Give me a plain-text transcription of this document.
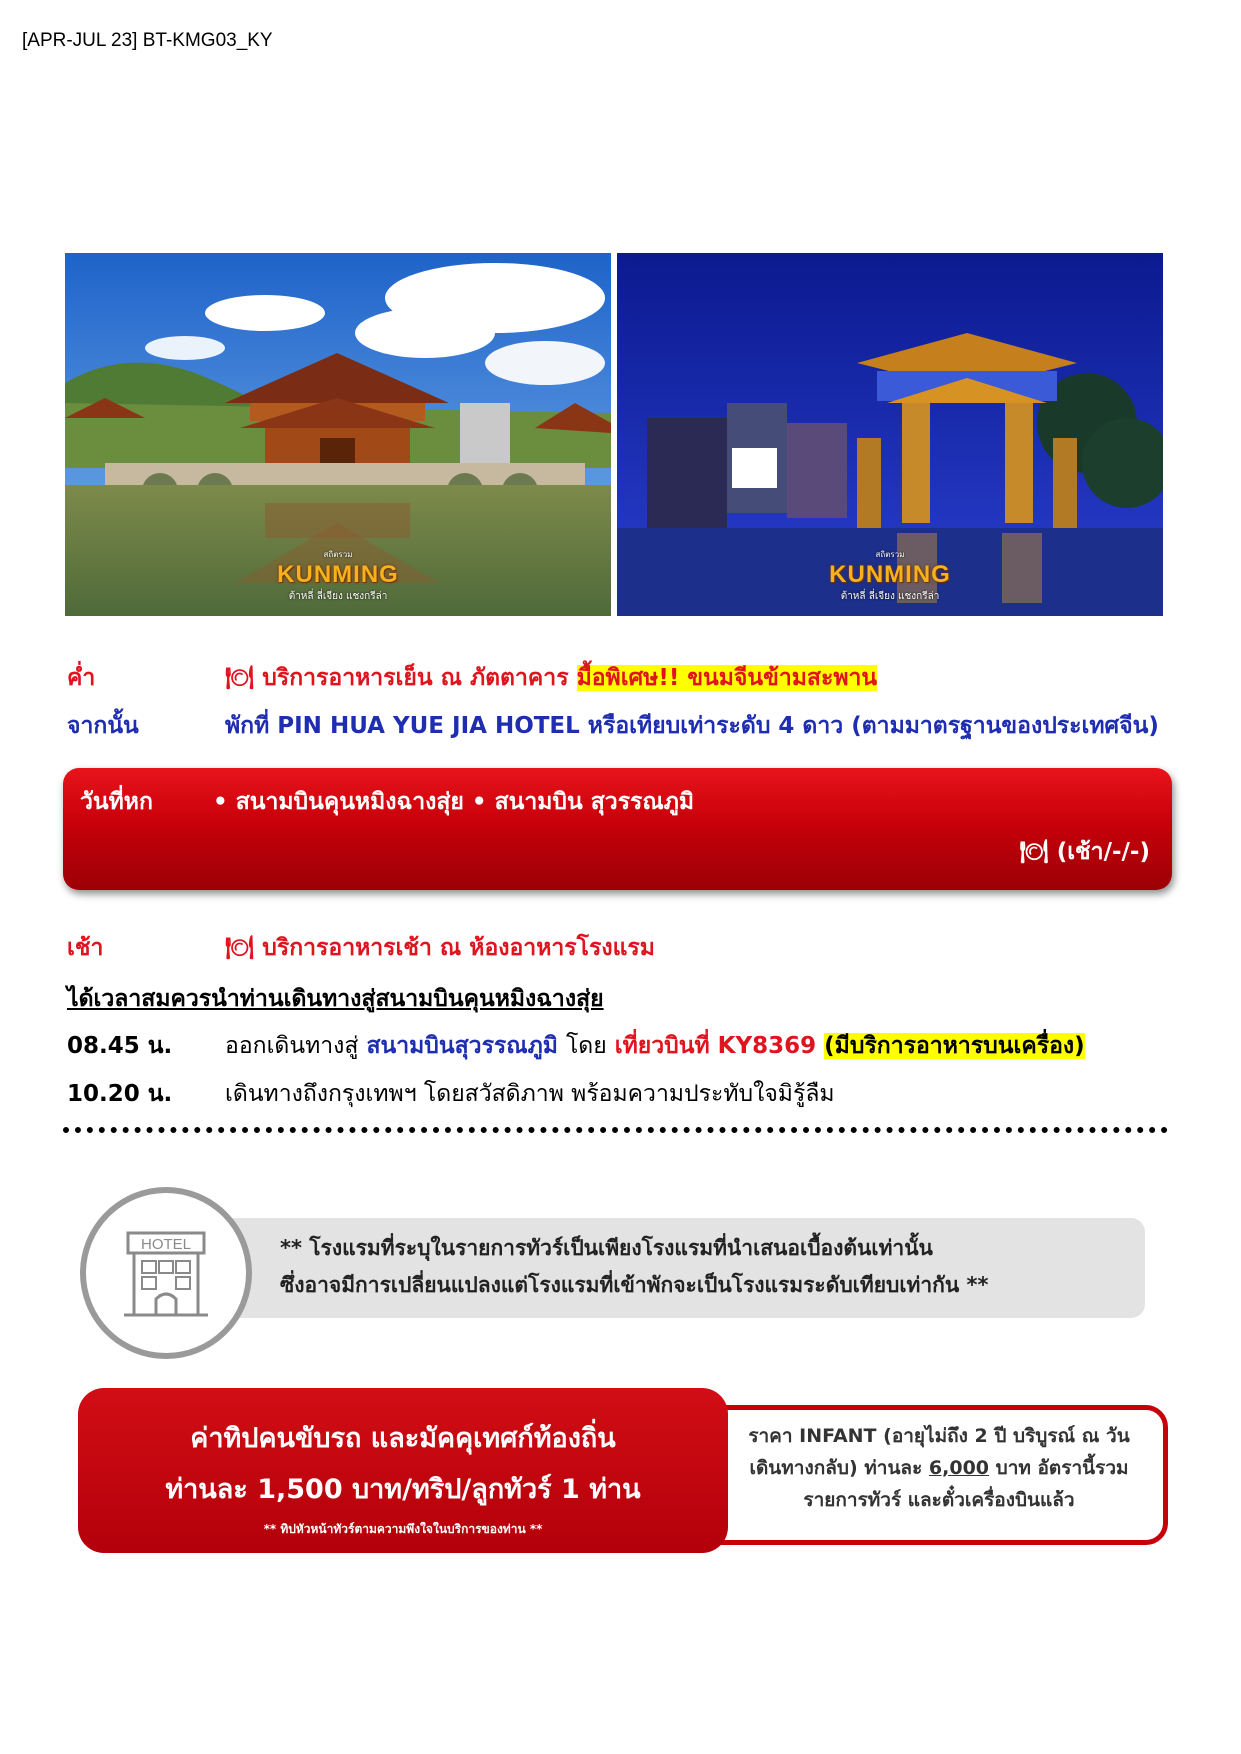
[APR-JUL 23] BT-KMG03_KY
สถิตรวม
KUNMING
ต้าหลี่ ลี่เจียง แชงกรีล่า
สถิตรวม
KUNMING
ต้าหลี่ ลี่เจียง แชงกรีล่า
ค่ำ	🍽 บริการอาหารเย็น ณ ภัตตาคาร มื้อพิเศษ!! ขนมจีนข้ามสะพาน
จากนั้น	พักที่ PIN HUA YUE JIA HOTEL หรือเทียบเท่าระดับ 4 ดาว (ตามมาตรฐานของประเทศจีน)
วันที่หก	• สนามบินคุนหมิงฉางสุ่ย • สนามบิน สุวรรณภูมิ
🍽 (เช้า/-/-)
เช้า	🍽 บริการอาหารเช้า ณ ห้องอาหารโรงแรม
ได้เวลาสมควรนำท่านเดินทางสู่สนามบินคุนหมิงฉางสุ่ย
08.45 น. ออกเดินทางสู่ สนามบินสุวรรณภูมิ โดย เที่ยวบินที่ KY8369 (มีบริการอาหารบนเครื่อง)
10.20 น. เดินทางถึงกรุงเทพฯ โดยสวัสดิภาพ พร้อมความประทับใจมิรู้ลืม
HOTEL	** โรงแรมที่ระบุในรายการทัวร์เป็นเพียงโรงแรมที่นำเสนอเบื้องต้นเท่านั้น
ซึ่งอาจมีการเปลี่ยนแปลงแต่โรงแรมที่เข้าพักจะเป็นโรงแรมระดับเทียบเท่ากัน **
ค่าทิปคนขับรถ และมัคคุเทศก์ท้องถิ่น
ท่านละ 1,500 บาท/ทริป/ลูกทัวร์ 1 ท่าน
** ทิปหัวหน้าทัวร์ตามความพึงใจในบริการของท่าน **
ราคา INFANT (อายุไม่ถึง 2 ปี บริบูรณ์ ณ วันเดินทางกลับ) ท่านละ 6,000 บาท อัตรานี้รวมรายการทัวร์ และตั๋วเครื่องบินแล้ว
